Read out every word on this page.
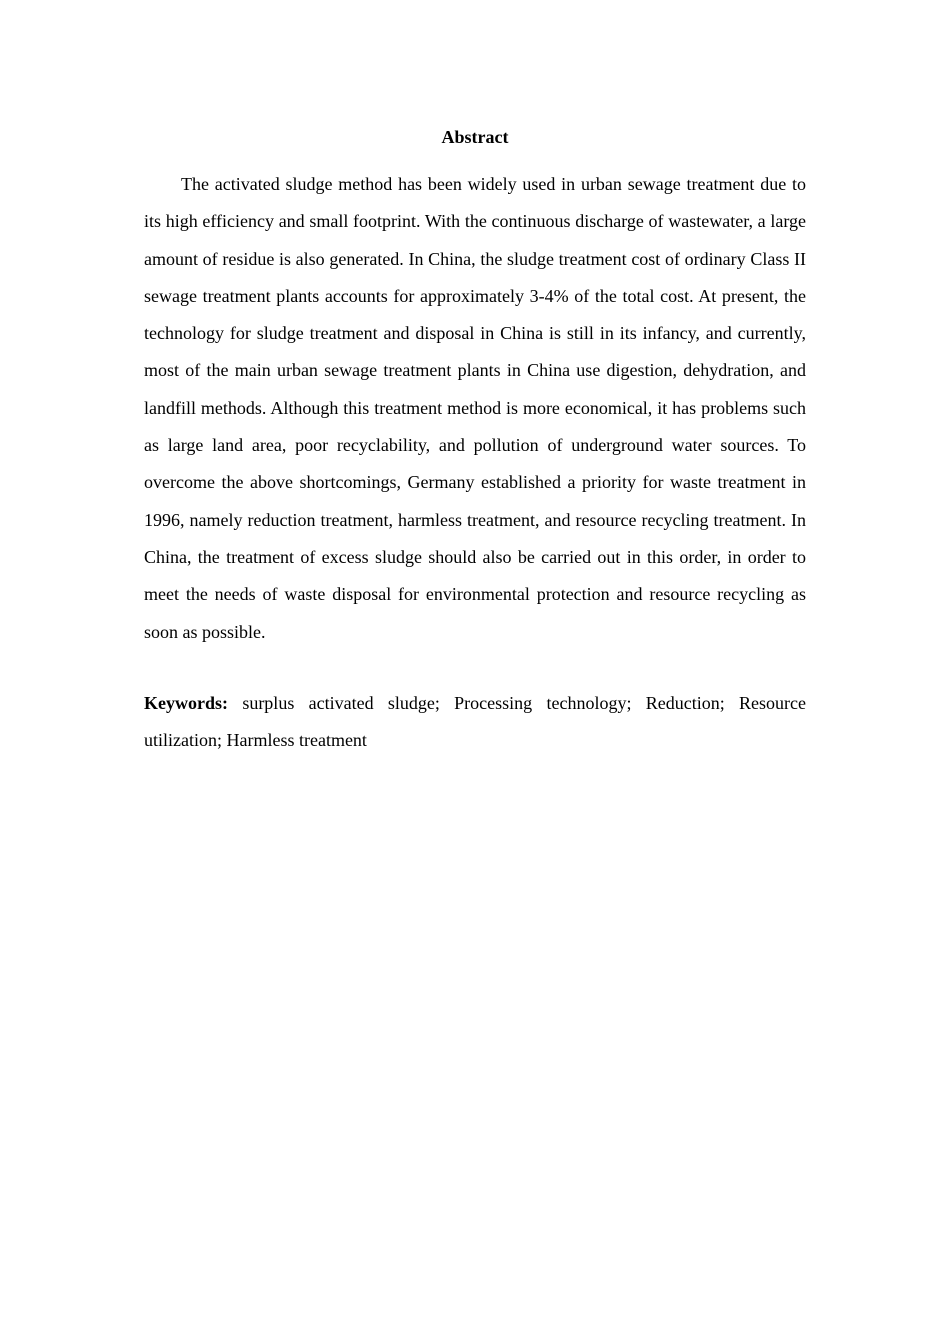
Abstract

The activated sludge method has been widely used in urban sewage treatment due to its high efficiency and small footprint. With the continuous discharge of wastewater, a large amount of residue is also generated. In China, the sludge treatment cost of ordinary Class II sewage treatment plants accounts for approximately 3-4% of the total cost. At present, the technology for sludge treatment and disposal in China is still in its infancy, and currently, most of the main urban sewage treatment plants in China use digestion, dehydration, and landfill methods. Although this treatment method is more economical, it has problems such as large land area, poor recyclability, and pollution of underground water sources. To overcome the above shortcomings, Germany established a priority for waste treatment in 1996, namely reduction treatment, harmless treatment, and resource recycling treatment. In China, the treatment of excess sludge should also be carried out in this order, in order to meet the needs of waste disposal for environmental protection and resource recycling as soon as possible.

Keywords: surplus activated sludge; Processing technology; Reduction; Resource utilization; Harmless treatment
